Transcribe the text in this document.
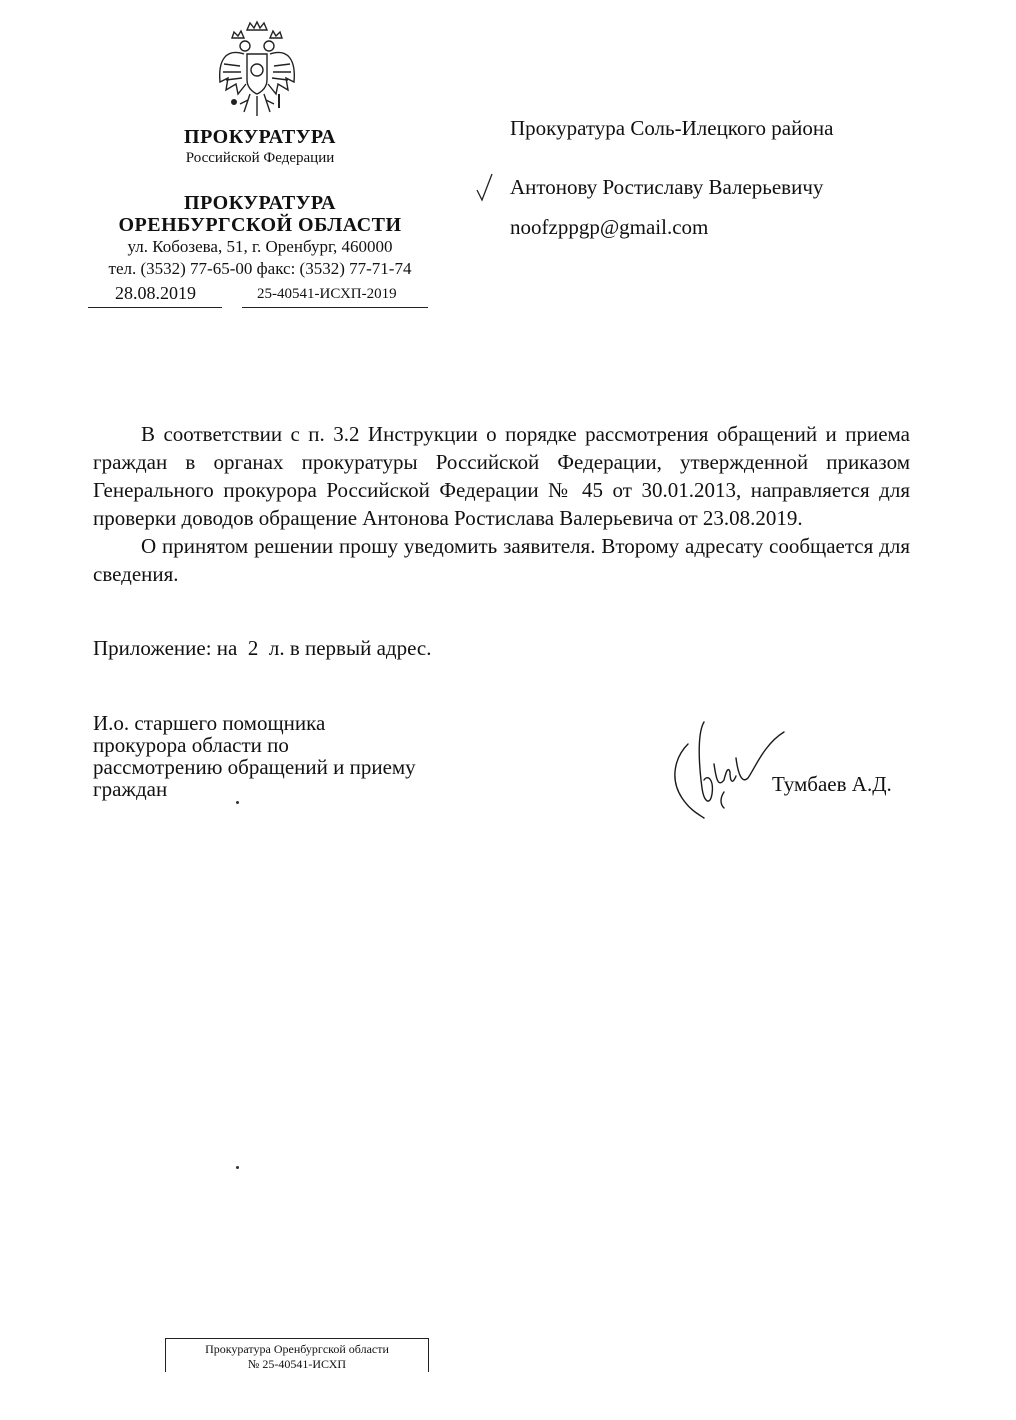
ПРОКУРАТУРА
Российской Федерации
ПРОКУРАТУРА
ОРЕНБУРГСКОЙ ОБЛАСТИ
ул. Кобозева, 51, г. Оренбург, 460000
тел. (3532) 77-65-00 факс: (3532) 77-71-74
28.08.2019	25-40541-ИСХП-2019
Прокуратура Соль-Илецкого района
Антонову Ростиславу Валерьевичу
noofzppgp@gmail.com

В соответствии с п. 3.2 Инструкции о порядке рассмотрения обращений и приема граждан в органах прокуратуры Российской Федерации, утвержденной приказом Генерального прокурора Российской Федерации № 45 от 30.01.2013, направляется для проверки доводов обращение Антонова Ростислава Валерьевича от 23.08.2019.

О принятом решении прошу уведомить заявителя. Второму адресату сообщается для сведения.

Приложение: на  2  л. в первый адрес.
И.о. старшего помощника
прокурора области по
рассмотрению обращений и приему
граждан	Тумбаев А.Д.
Прокуратура Оренбургской области
№ 25-40541-ИСХП
